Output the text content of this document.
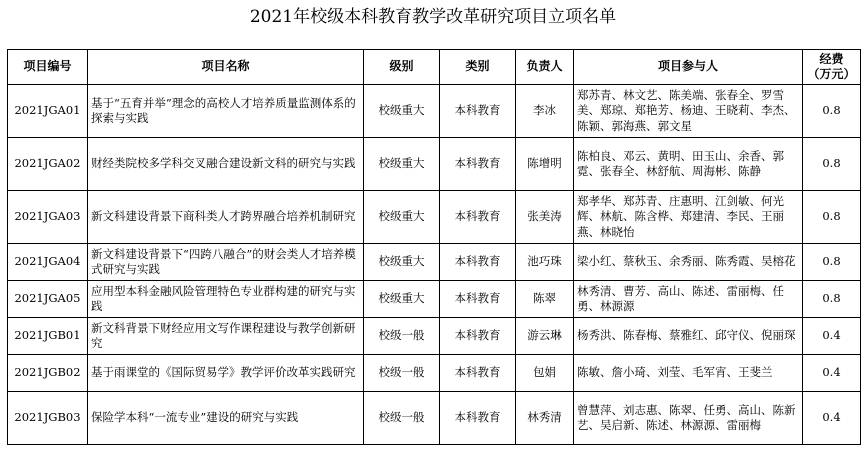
2021年校级本科教育教学改革研究项目立项名单
项目编号	项目名称	级别	类别	负责人	项目参与人	经费
（万元）
2021JGA01	基于“五育并举”理念的高校人才培养质量监测体系的探索与实践	校级重大	本科教育	李冰	郑苏青、林文艺、陈美端、张春全、罗雪美、郑琼、郑艳芳、杨迪、王晓莉、李杰、陈颖、郭海燕、郭文星	0.8
2021JGA02	财经类院校多学科交叉融合建设新文科的研究与实践	校级重大	本科教育	陈增明	陈柏良、邓云、黄明、田玉山、余香、郭霓、张春全、林舒航、周海彬、陈静	0.8
2021JGA03	新文科建设背景下商科类人才跨界融合培养机制研究	校级重大	本科教育	张美涛	郑孝华、郑苏青、庄惠明、江剑敏、何光辉、林航、陈含桦、郑建清、李民、王丽燕、林晓怡	0.8
2021JGA04	新文科建设背景下“四跨八融合”的财会类人才培养模式研究与实践	校级重大	本科教育	池巧珠	梁小红、蔡秋玉、余秀丽、陈秀霞、吴榕花	0.8
2021JGA05	应用型本科金融风险管理特色专业群构建的研究与实践	校级重大	本科教育	陈翠	林秀清、曹芳、高山、陈述、雷丽梅、任勇、林源源	0.8
2021JGB01	新文科背景下财经应用文写作课程建设与教学创新研究	校级一般	本科教育	游云琳	杨秀洪、陈春梅、蔡雅红、邱守仪、倪丽琛	0.4
2021JGB02	基于雨课堂的《国际贸易学》教学评价改革实践研究	校级一般	本科教育	包娟	陈敏、詹小琦、刘莹、毛军宵、王斐兰	0.4
2021JGB03	保险学本科“一流专业”建设的研究与实践	校级一般	本科教育	林秀清	曾慧萍、刘志惠、陈翠、任勇、高山、陈新艺、吴启新、陈述、林源源、雷丽梅	0.4
